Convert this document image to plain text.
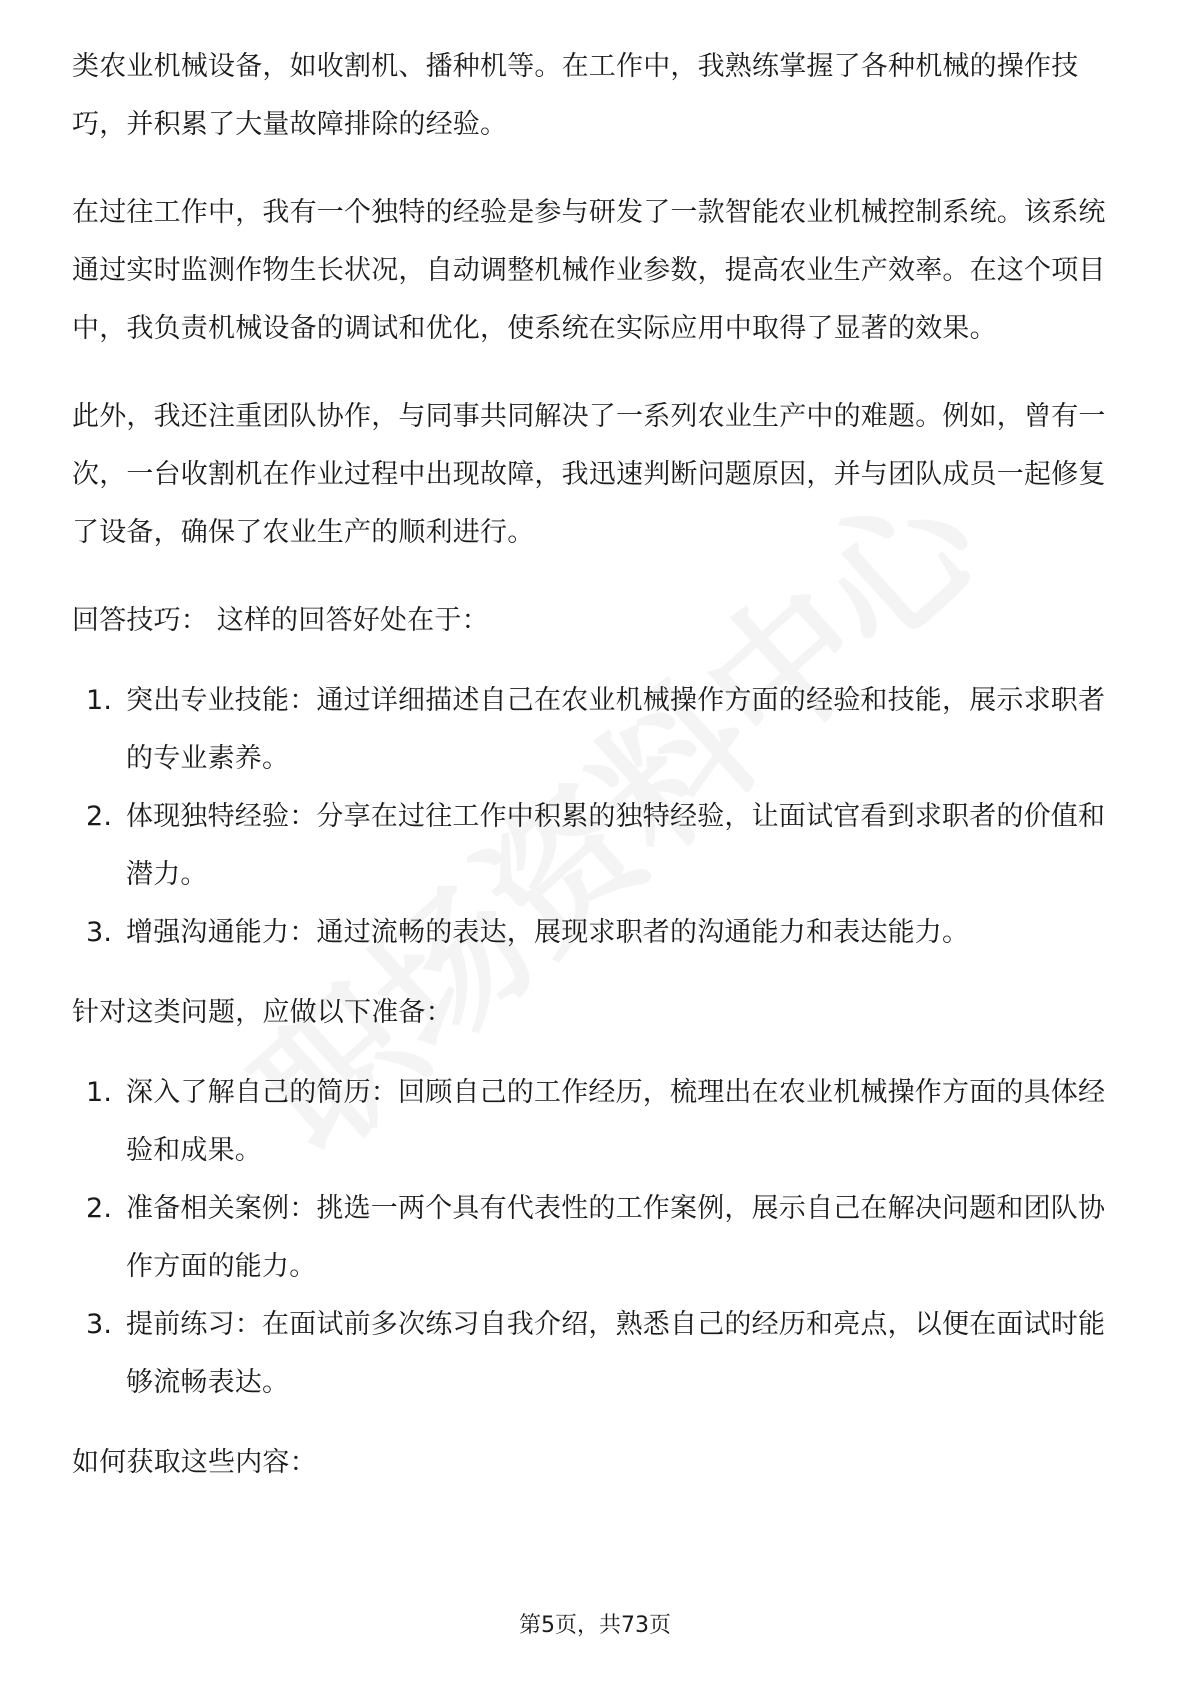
类农业机械设备，如收割机、播种机等。在工作中，我熟练掌握了各种机械的操作技巧，并积累了大量故障排除的经验。

在过往工作中，我有一个独特的经验是参与研发了一款智能农业机械控制系统。该系统通过实时监测作物生长状况，自动调整机械作业参数，提高农业生产效率。在这个项目中，我负责机械设备的调试和优化，使系统在实际应用中取得了显著的效果。

此外，我还注重团队协作，与同事共同解决了一系列农业生产中的难题。例如，曾有一次，一台收割机在作业过程中出现故障，我迅速判断问题原因，并与团队成员一起修复了设备，确保了农业生产的顺利进行。

回答技巧： 这样的回答好处在于：

1. 突出专业技能：通过详细描述自己在农业机械操作方面的经验和技能，展示求职者的专业素养。
2. 体现独特经验：分享在过往工作中积累的独特经验，让面试官看到求职者的价值和潜力。
3. 增强沟通能力：通过流畅的表达，展现求职者的沟通能力和表达能力。

针对这类问题，应做以下准备：

1. 深入了解自己的简历：回顾自己的工作经历，梳理出在农业机械操作方面的具体经验和成果。
2. 准备相关案例：挑选一两个具有代表性的工作案例，展示自己在解决问题和团队协作方面的能力。
3. 提前练习：在面试前多次练习自我介绍，熟悉自己的经历和亮点，以便在面试时能够流畅表达。

如何获取这些内容：

第5页，共73页
